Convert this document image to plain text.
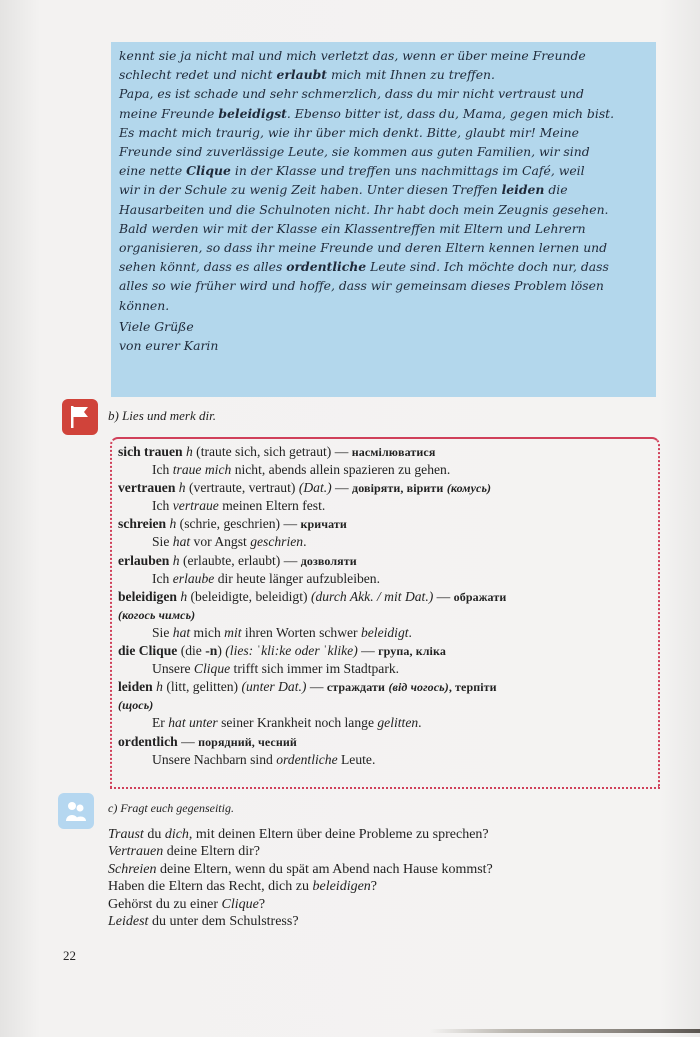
kennt sie ja nicht mal und mich verletzt das, wenn er über meine Freunde

schlecht redet und nicht erlaubt mich mit Ihnen zu treffen.

Papa, es ist schade und sehr schmerzlich, dass du mir nicht vertraust und

meine Freunde beleidigst. Ebenso bitter ist, dass du, Mama, gegen mich bist.

Es macht mich traurig, wie ihr über mich denkt. Bitte, glaubt mir! Meine

Freunde sind zuverlässige Leute, sie kommen aus guten Familien, wir sind

eine nette Clique in der Klasse und treffen uns nachmittags im Café, weil

wir in der Schule zu wenig Zeit haben. Unter diesen Treffen leiden die

Hausarbeiten und die Schulnoten nicht. Ihr habt doch mein Zeugnis gesehen.

Bald werden wir mit der Klasse ein Klassentreffen mit Eltern und Lehrern

organisieren, so dass ihr meine Freunde und deren Eltern kennen lernen und

sehen könnt, dass es alles ordentliche Leute sind. Ich möchte doch nur, dass

alles so wie früher wird und hoffe, dass wir gemeinsam dieses Problem lösen

können.

Viele Grüße

von eurer Karin

b) Lies und merk dir.
sich trauen h (traute sich, sich getraut) — насмілюватися
Ich traue mich nicht, abends allein spazieren zu gehen.
vertrauen h (vertraute, vertraut) (Dat.) — довіряти, вірити (комусь)
Ich vertraue meinen Eltern fest.
schreien h (schrie, geschrien) — кричати
Sie hat vor Angst geschrien.
erlauben h (erlaubte, erlaubt) — дозволяти
Ich erlaube dir heute länger aufzubleiben.
beleidigen h (beleidigte, beleidigt) (durch Akk. / mit Dat.) — ображати
(когось чимсь)
Sie hat mich mit ihren Worten schwer beleidigt.
die Clique (die -n) (lies: ˈkli:ke oder ˈklike) — група, кліка
Unsere Clique trifft sich immer im Stadtpark.
leiden h (litt, gelitten) (unter Dat.) — страждати (від чогось), терпіти
(щось)
Er hat unter seiner Krankheit noch lange gelitten.
ordentlich — порядний, чесний
Unsere Nachbarn sind ordentliche Leute.
c) Fragt euch gegenseitig.
Traust du dich, mit deinen Eltern über deine Probleme zu sprechen?
Vertrauen deine Eltern dir?
Schreien deine Eltern, wenn du spät am Abend nach Hause kommst?
Haben die Eltern das Recht, dich zu beleidigen?
Gehörst du zu einer Clique?
Leidest du unter dem Schulstress?
22
